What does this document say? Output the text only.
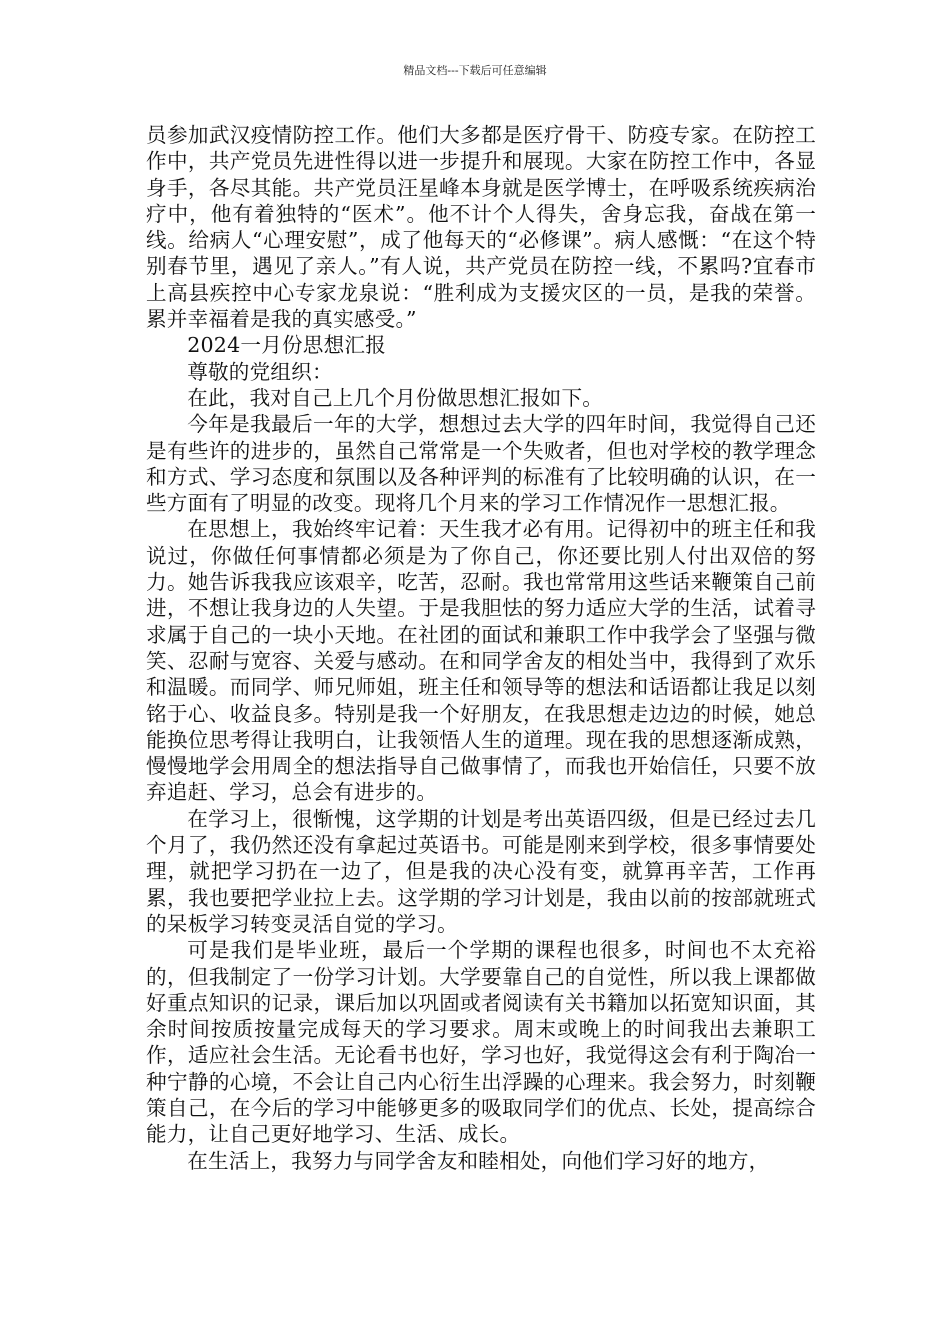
精品文档---下载后可任意编辑

员参加武汉疫情防控工作。他们大多都是医疗骨干、防疫专家。在防控工作中，共产党员先进性得以进一步提升和展现。大家在防控工作中，各显身手，各尽其能。共产党员汪星峰本身就是医学博士，在呼吸系统疾病治疗中，他有着独特的“医术”。他不计个人得失，舍身忘我，奋战在第一线。给病人“心理安慰”，成了他每天的“必修课”。病人感慨：“在这个特别春节里，遇见了亲人。”有人说，共产党员在防控一线，不累吗?宜春市上高县疾控中心专家龙泉说：“胜利成为支援灾区的一员，是我的荣誉。累并幸福着是我的真实感受。”

2024一月份思想汇报

尊敬的党组织：

在此，我对自己上几个月份做思想汇报如下。

今年是我最后一年的大学，想想过去大学的四年时间，我觉得自己还是有些许的进步的，虽然自己常常是一个失败者，但也对学校的教学理念和方式、学习态度和氛围以及各种评判的标准有了比较明确的认识，在一些方面有了明显的改变。现将几个月来的学习工作情况作一思想汇报。

在思想上，我始终牢记着：天生我才必有用。记得初中的班主任和我说过，你做任何事情都必须是为了你自己，你还要比别人付出双倍的努力。她告诉我我应该艰辛，吃苦，忍耐。我也常常用这些话来鞭策自己前进，不想让我身边的人失望。于是我胆怯的努力适应大学的生活，试着寻求属于自己的一块小天地。在社团的面试和兼职工作中我学会了坚强与微笑、忍耐与宽容、关爱与感动。在和同学舍友的相处当中，我得到了欢乐和温暖。而同学、师兄师姐，班主任和领导等的想法和话语都让我足以刻铭于心、收益良多。特别是我一个好朋友，在我思想走边边的时候，她总能换位思考得让我明白，让我领悟人生的道理。现在我的思想逐渐成熟，慢慢地学会用周全的想法指导自己做事情了，而我也开始信任，只要不放弃追赶、学习，总会有进步的。

在学习上，很惭愧，这学期的计划是考出英语四级，但是已经过去几个月了，我仍然还没有拿起过英语书。可能是刚来到学校，很多事情要处理，就把学习扔在一边了，但是我的决心没有变，就算再辛苦，工作再累，我也要把学业拉上去。这学期的学习计划是，我由以前的按部就班式的呆板学习转变灵活自觉的学习。

可是我们是毕业班，最后一个学期的课程也很多，时间也不太充裕的，但我制定了一份学习计划。大学要靠自己的自觉性，所以我上课都做好重点知识的记录，课后加以巩固或者阅读有关书籍加以拓宽知识面，其余时间按质按量完成每天的学习要求。周末或晚上的时间我出去兼职工作，适应社会生活。无论看书也好，学习也好，我觉得这会有利于陶冶一种宁静的心境，不会让自己内心衍生出浮躁的心理来。我会努力，时刻鞭策自己，在今后的学习中能够更多的吸取同学们的优点、长处，提高综合能力，让自己更好地学习、生活、成长。

在生活上，我努力与同学舍友和睦相处，向他们学习好的地方，
